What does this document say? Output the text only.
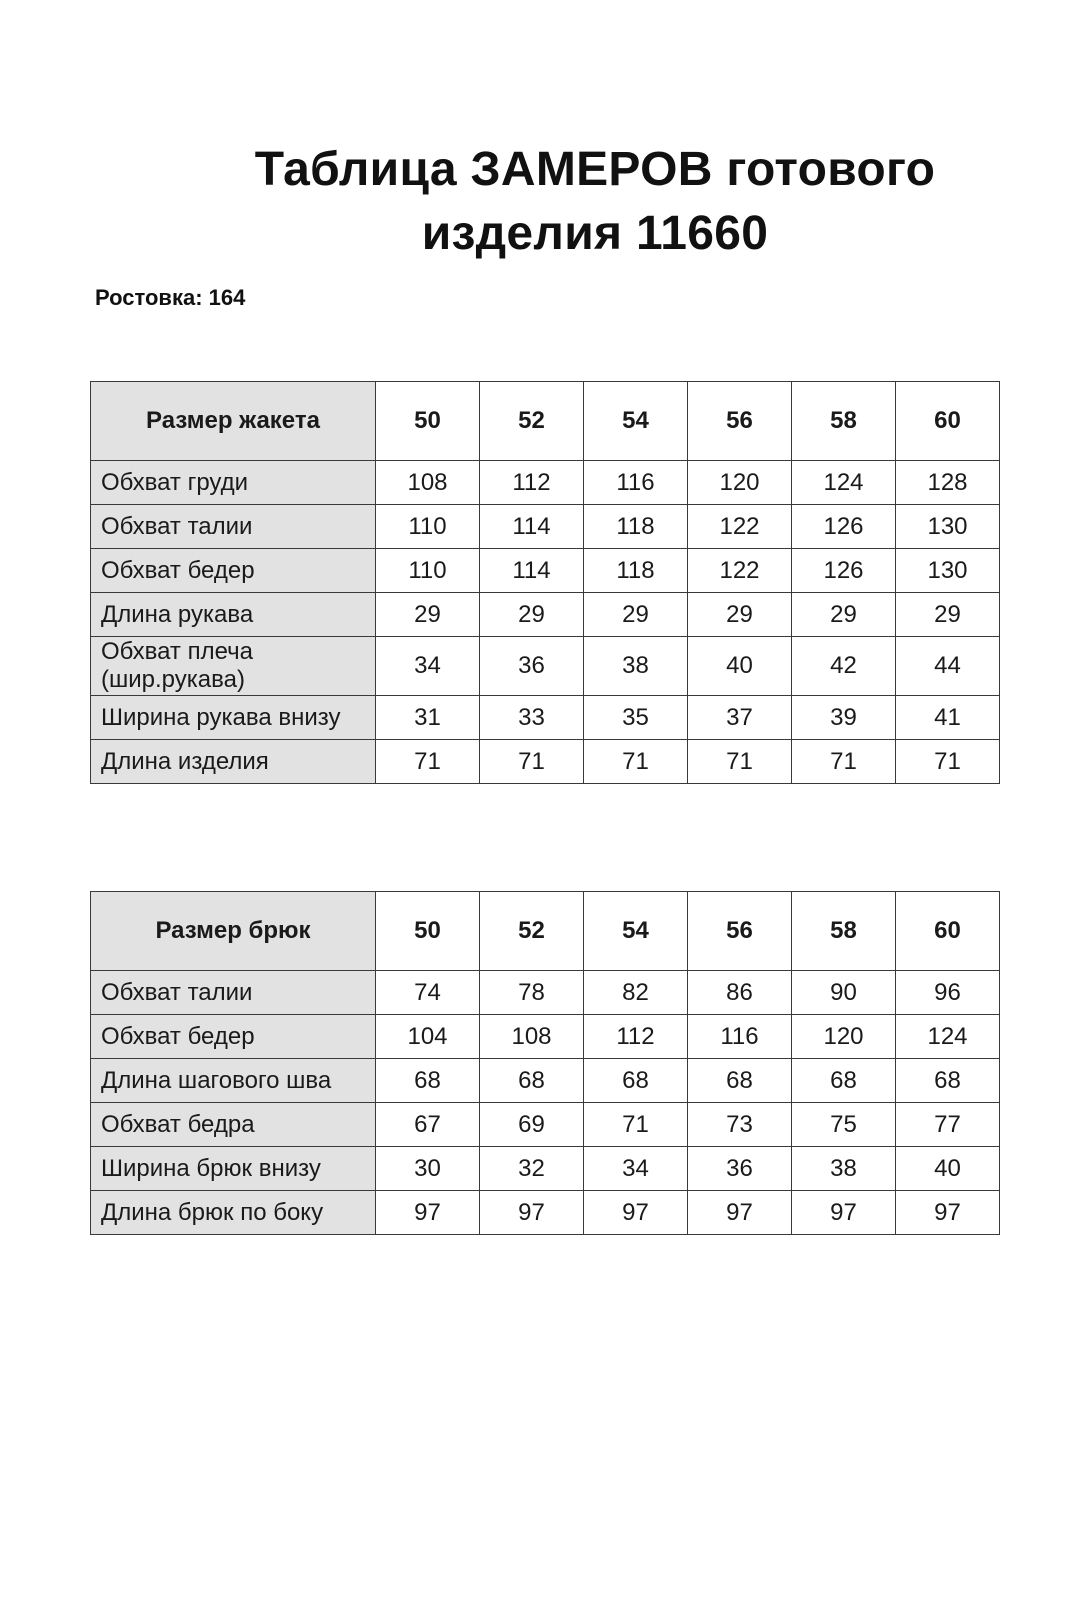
Таблица ЗАМЕРОВ готового
изделия 11660
Ростовка: 164
Размер жакета	50	52	54	56	58	60
Обхват груди	108	112	116	120	124	128
Обхват талии	110	114	118	122	126	130
Обхват бедер	110	114	118	122	126	130
Длина рукава	29	29	29	29	29	29
Обхват плеча (шир.рукава)	34	36	38	40	42	44
Ширина рукава внизу	31	33	35	37	39	41
Длина изделия	71	71	71	71	71	71
Размер брюк	50	52	54	56	58	60
Обхват талии	74	78	82	86	90	96
Обхват бедер	104	108	112	116	120	124
Длина шагового шва	68	68	68	68	68	68
Обхват бедра	67	69	71	73	75	77
Ширина брюк внизу	30	32	34	36	38	40
Длина брюк по боку	97	97	97	97	97	97
